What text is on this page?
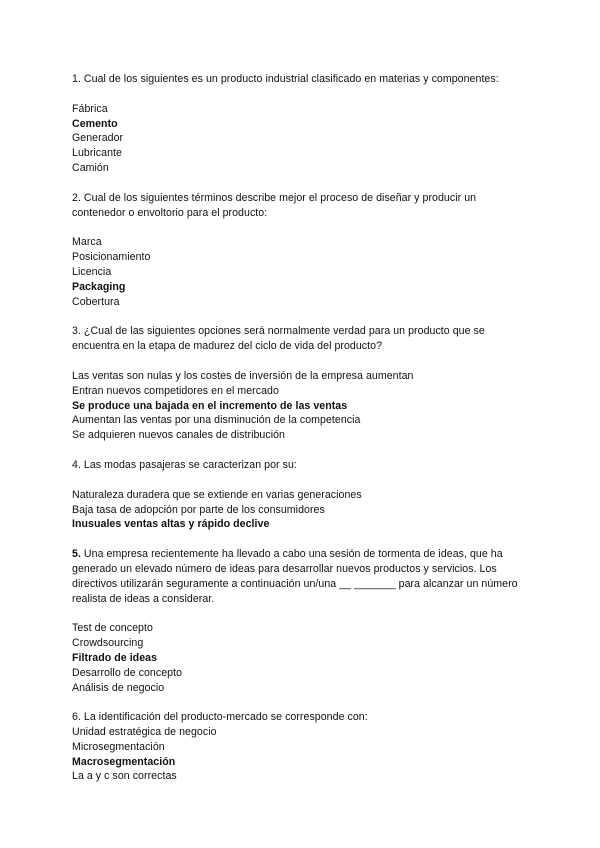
1. Cual de los siguientes es un producto industrial clasificado en materias y componentes:

Fábrica
Cemento
Generador
Lubricante
Camión

2. Cual de los siguientes términos describe mejor el proceso de diseñar y producir un contenedor o envoltorio para el producto:

Marca
Posicionamiento
Licencia
Packaging
Cobertura

3. ¿Cual de las siguientes opciones será normalmente verdad para un producto que se encuentra en la etapa de madurez del ciclo de vida del producto?

Las ventas son nulas y los costes de inversión de la empresa aumentan
Entran nuevos competidores en el mercado
Se produce una bajada en el incremento de las ventas
Aumentan las ventas por una disminución de la competencia
Se adquieren nuevos canales de distribución

4. Las modas pasajeras se caracterizan por su:

Naturaleza duradera que se extiende en varias generaciones
Baja tasa de adopción por parte de los consumidores
Inusuales ventas altas y rápido declive

5. Una empresa recientemente ha llevado a cabo una sesión de tormenta de ideas, que ha generado un elevado número de ideas para desarrollar nuevos productos y servicios. Los directivos utilizarán seguramente a continuación un/una __ _______ para alcanzar un número realista de ideas a considerar.

Test de concepto
Crowdsourcing
Filtrado de ideas
Desarrollo de concepto
Análisis de negocio

6. La identificación del producto-mercado se corresponde con:

Unidad estratégica de negocio
Microsegmentación
Macrosegmentación
La a y c son correctas
